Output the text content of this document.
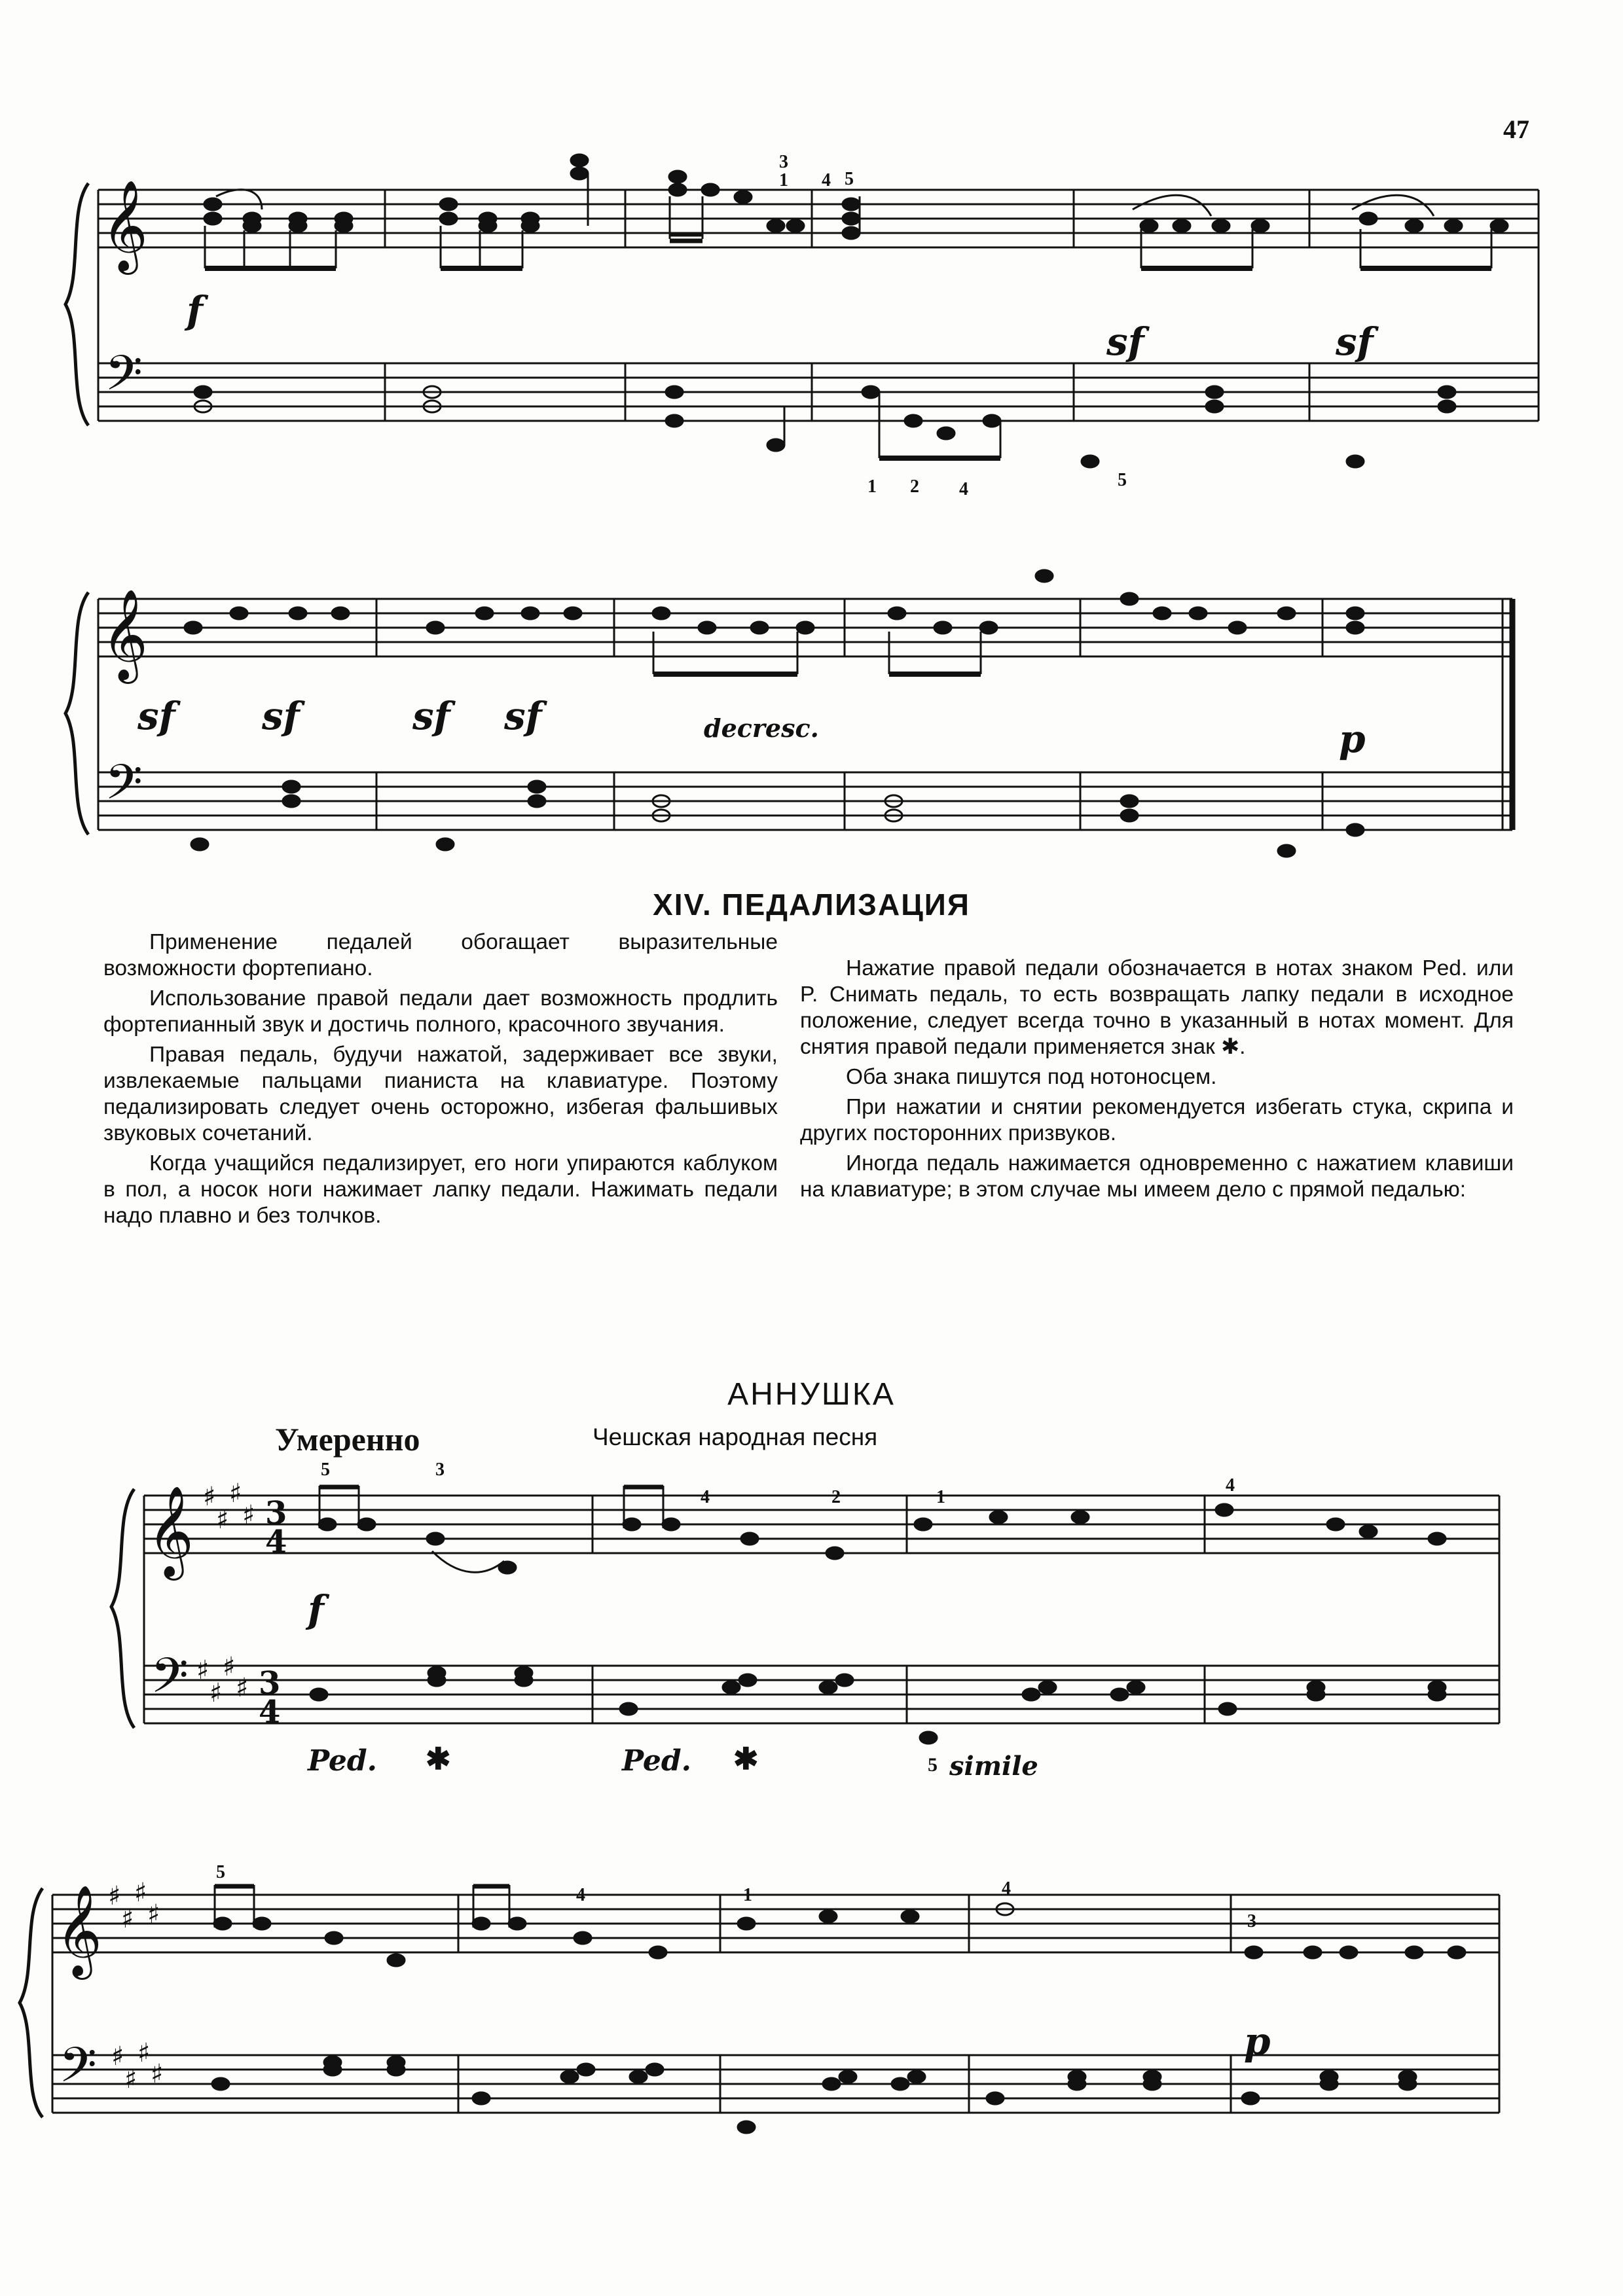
47
𝄞
𝄢
𝄞
𝄢
𝄞
𝄢
𝄞
𝄢
♯
♯
♯
♯
♯
♯
♯
♯
♯
♯
♯
♯
♯
♯
♯
♯
3
4
3
4
f
sf	sf
sf sf	sf sf	decresc.	p
3
1 4 5
1 2 4	5
XIV. ПЕДАЛИЗАЦИЯ

Применение педалей обогащает выразительные возможности фортепиано.

Использование правой педали дает возможность продлить фортепианный звук и достичь полного, красочного звучания.

Правая педаль, будучи нажатой, задерживает все звуки, извлекаемые пальцами пианиста на клавиатуре. Поэтому педализировать следует очень осторожно, избегая фальшивых звуковых сочетаний.

Когда учащийся педализирует, его ноги упираются каблуком в пол, а носок ноги нажимает лапку педали. Нажимать педали надо плавно и без толчков.

Нажатие правой педали обозначается в нотах знаком Ped. или P. Снимать педаль, то есть возвращать лапку педали в исходное положение, следует всегда точно в указанный в нотах момент. Для снятия правой педали применяется знак ✱.

Оба знака пишутся под нотоносцем.

При нажатии и снятии рекомендуется избегать стука, скрипа и других посторонних призвуков.

Иногда педаль нажимается одновременно с нажатием клавиши на клавиатуре; в этом случае мы имеем дело с прямой педалью:

АННУШКА
Умеренно	Чешская народная песня
5	3
4	2	1
4
f
Ped. ✱	Ped. ✱	5 simile
5
4	1	4
3
p
